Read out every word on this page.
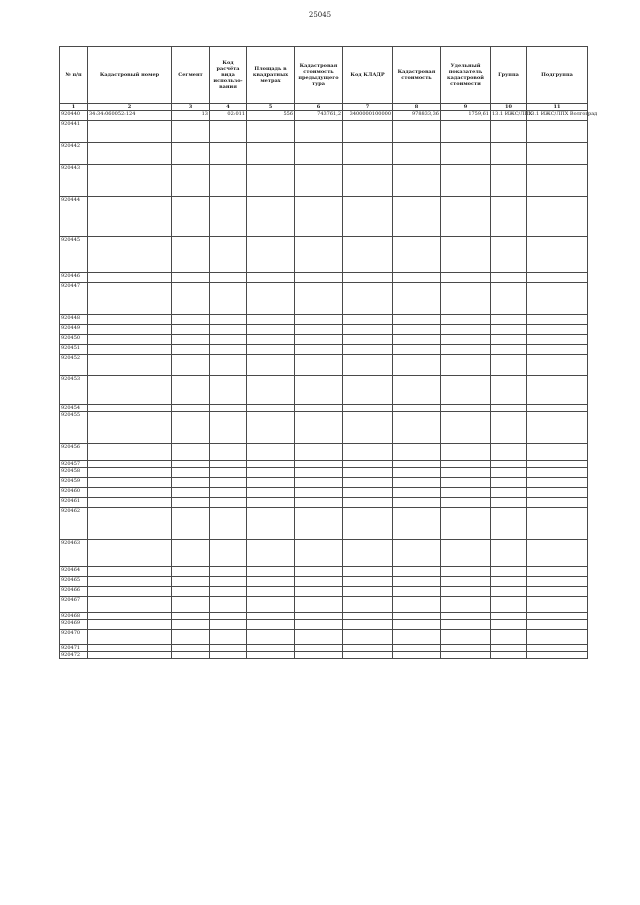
25045
№ п/п	Кадастровый номер	Сегмент	Код расчёта вида использо-вания	Площадь в квадратных метрах	Кадастровая стоимость предыдущего тура	Код КЛАДР	Кадастровая стоимость	Удельный показатель кадастровой стоимости	Группа	Подгруппа
1	2	3	4	5	6	7	8	9	10	11
920440	34:34:060052:124	13	02:011	556	743761,2	3400000100000	978833,36	1759,61	13.1 ИЖС/ЛПХ	13.1 ИЖС/ЛПХ Волгоград
920441										
920442										
920443										
920444										
920445										
920446										
920447										
920448										
920449										
920450										
920451										
920452										
920453										
920454										
920455										
920456										
920457										
920458										
920459										
920460										
920461										
920462										
920463										
920464										
920465										
920466										
920467										
920468										
920469										
920470										
920471										
920472										
